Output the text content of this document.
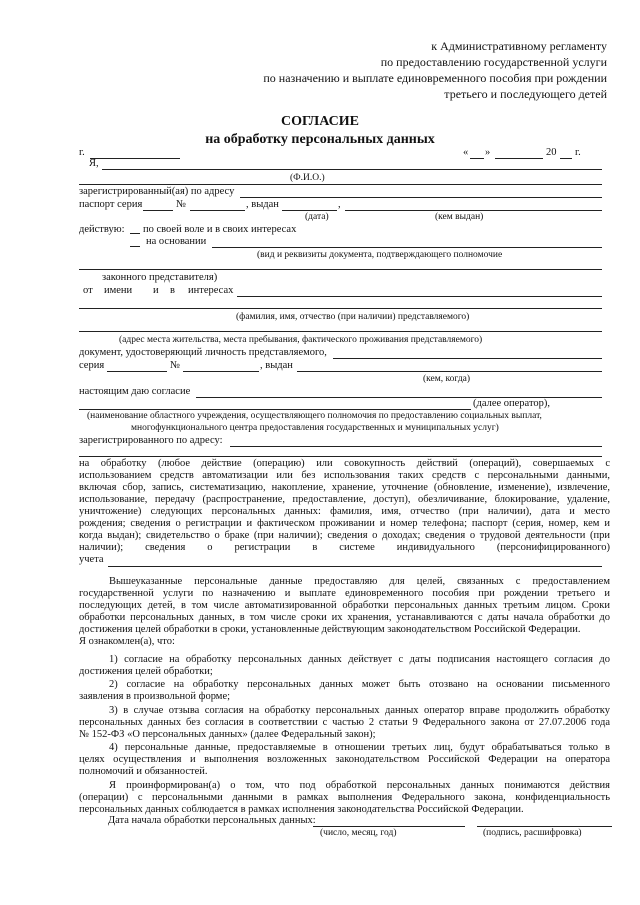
к Административному регламенту
по предоставлению государственной услуги
по назначению и выплате единовременного пособия при рождении
третьего и последующего детей
СОГЛАСИЕ
на обработку персональных данных
г.	« »	20 г.
Я,
(Ф.И.О.)
зарегистрированный(ая) по адресу
паспорт серия	№	, выдан	,
(дата)	(кем выдан)
действую: по своей воле и в своих интересах
на основании
(вид и реквизиты документа, подтверждающего полномочие
законного представителя)
от имени и в интересах
(фамилия, имя, отчество (при наличии) представляемого)
(адрес места жительства, места пребывания, фактического проживания представляемого)
документ, удостоверяющий личность представляемого,
серия	№	, выдан
(кем, когда)
настоящим даю согласие
(далее оператор),
(наименование областного учреждения, осуществляющего полномочия по предоставлению социальных выплат,
многофункционального центра предоставления государственных и муниципальных услуг)
зарегистрированного по адресу:
на обработку (любое действие (операцию) или совокупность действий (операций), совершаемых с
использованием средств автоматизации или без использования таких средств с персональными данными,
включая сбор, запись, систематизацию, накопление, хранение, уточнение (обновление, изменение), извлечение,
использование, передачу (распространение, предоставление, доступ), обезличивание, блокирование, удаление,
уничтожение) следующих персональных данных: фамилия, имя, отчество (при наличии), дата и место
рождения; сведения о регистрации и фактическом проживании и номер телефона; паспорт (серия, номер, кем и
когда выдан); свидетельство о браке (при наличии); сведения о доходах; сведения о трудовой деятельности (при
наличии); сведения о регистрации в системе индивидуального (персонифицированного)
учета
Вышеуказанные персональные данные предоставляю для целей, связанных с предоставлением
государственной услуги по назначению и выплате единовременного пособия при рождении третьего и
последующих детей, в том числе автоматизированной обработки персональных данных третьим лицом. Сроки
обработки персональных данных, в том числе сроки их хранения, устанавливаются с даты начала обработки до
достижения целей обработки в сроки, установленные действующим законодательством Российской Федерации.
Я ознакомлен(а), что:
1) согласие на обработку персональных данных действует с даты подписания настоящего согласия до
достижения целей обработки;
2) согласие на обработку персональных данных может быть отозвано на основании письменного
заявления в произвольной форме;
3) в случае отзыва согласия на обработку персональных данных оператор вправе продолжить обработку
персональных данных без согласия в соответствии с частью 2 статьи 9 Федерального закона от 27.07.2006 года
№ 152-ФЗ «О персональных данных» (далее Федеральный закон);
4) персональные данные, предоставляемые в отношении третьих лиц, будут обрабатываться только в
целях осуществления и выполнения возложенных законодательством Российской Федерации на оператора
полномочий и обязанностей.
Я проинформирован(а) о том, что под обработкой персональных данных понимаются действия
(операции) с персональными данными в рамках выполнения Федерального закона, конфиденциальность
персональных данных соблюдается в рамках исполнения законодательства Российской Федерации.
Дата начала обработки персональных данных:
(число, месяц, год)	(подпись, расшифровка)
